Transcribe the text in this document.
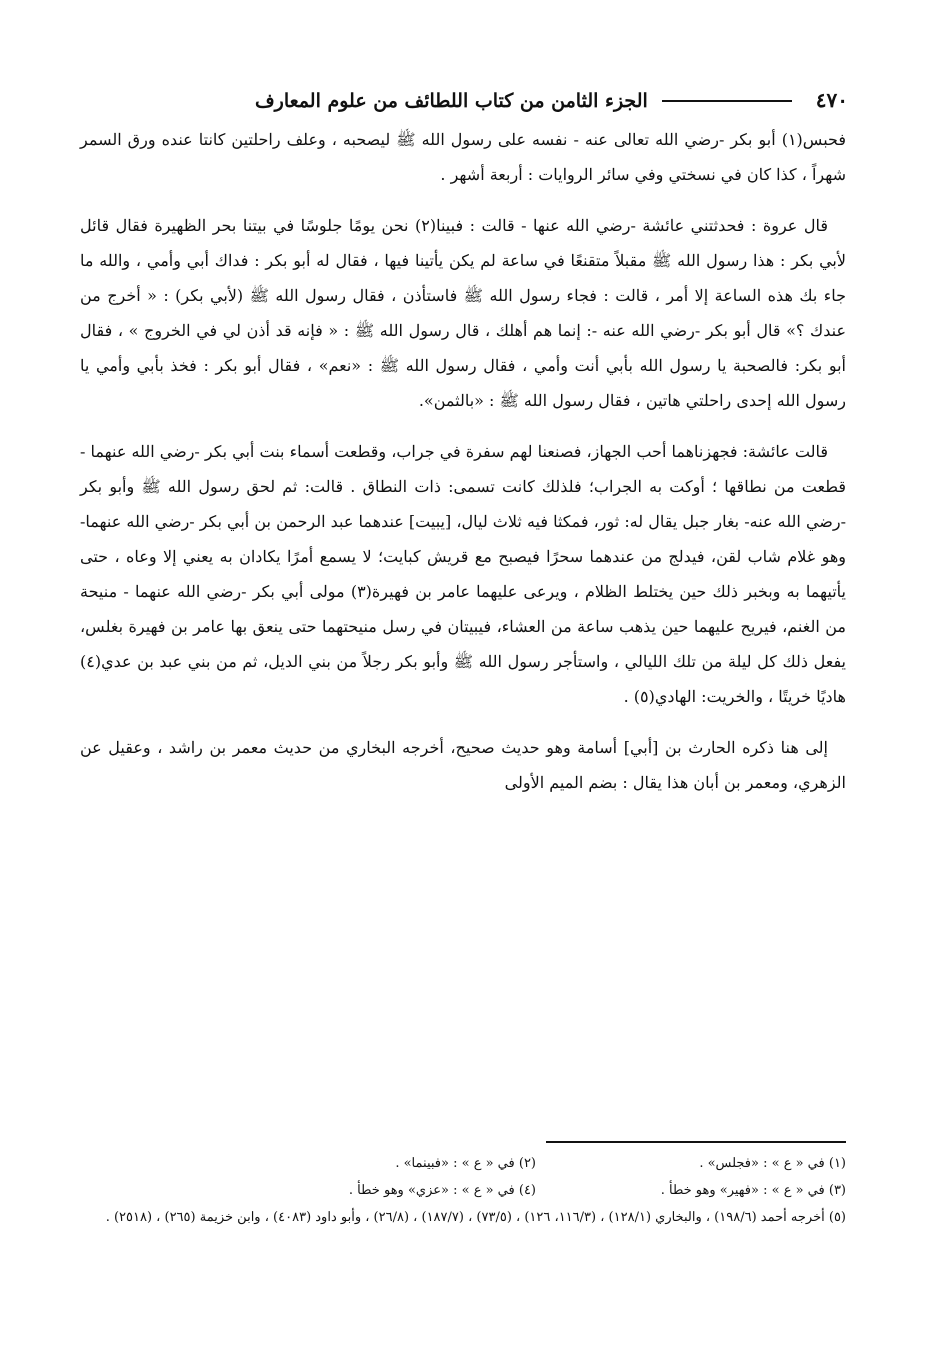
٤٧٠
الجزء الثامن من كتاب اللطائف من علوم المعارف

فحبس(١) أبو بكر -رضي الله تعالى عنه - نفسه على رسول الله ﷺ ليصحبه ، وعلف راحلتين كانتا عنده ورق السمر شهراً ، كذا كان في نسختي وفي سائر الروايات : أربعة أشهر .

قال عروة : فحدثتني عائشة -رضي الله عنها - قالت : فبينا(٢) نحن يومًا جلوسًا في بيتنا بحر الظهيرة فقال قائل لأبي بكر : هذا رسول الله ﷺ مقبلاً متقنعًا في ساعة لم يكن يأتينا فيها ، فقال له أبو بكر : فداك أبي وأمي ، والله ما جاء بك هذه الساعة إلا أمر ، قالت : فجاء رسول الله ﷺ فاستأذن ، فقال رسول الله ﷺ (لأبي بكر) : « أخرج من عندك ؟» قال أبو بكر -رضي الله عنه -: إنما هم أهلك ، قال رسول الله ﷺ : « فإنه قد أذن لي في الخروج » ، فقال أبو بكر: فالصحبة يا رسول الله بأبي أنت وأمي ، فقال رسول الله ﷺ : «نعم» ، فقال أبو بكر : فخذ بأبي وأمي يا رسول الله إحدى راحلتي هاتين ، فقال رسول الله ﷺ : «بالثمن».

قالت عائشة: فجهزناهما أحب الجهاز، فصنعنا لهم سفرة في جراب، وقطعت أسماء بنت أبي بكر -رضي الله عنهما - قطعت من نطاقها ؛ أوكت به الجراب؛ فلذلك كانت تسمى: ذات النطاق . قالت: ثم لحق رسول الله ﷺ وأبو بكر -رضي الله عنه- بغار جبل يقال له: ثور، فمكثا فيه ثلاث ليال، [يبيت] عندهما عبد الرحمن بن أبي بكر -رضي الله عنهما- وهو غلام شاب لقن، فيدلج من عندهما سحرًا فيصبح مع قريش كبايت؛ لا يسمع أمرًا يكادان به يعني إلا وعاه ، حتى يأتيهما به وبخبر ذلك حين يختلط الظلام ، ويرعى عليهما عامر بن فهيرة(٣) مولى أبي بكر -رضي الله عنهما - منيحة من الغنم، فيريح عليهما حين يذهب ساعة من العشاء، فيبيتان في رسل منيحتهما حتى ينعق بها عامر بن فهيرة بغلس، يفعل ذلك كل ليلة من تلك الليالي ، واستأجر رسول الله ﷺ وأبو بكر رجلاً من بني الديل، ثم من بني عبد بن عدي(٤) هاديًا خريتًا ، والخريت: الهادي(٥) .

إلى هنا ذكره الحارث بن [أبي] أسامة وهو حديث صحيح، أخرجه البخاري من حديث معمر بن راشد ، وعقيل عن الزهري، ومعمر بن أبان هذا يقال : بضم الميم الأولى

(١) في « ع » : «فجلس» .
(٢) في « ع » : «فبينما» .
(٣) في « ع » : «فهير» وهو خطأ .
(٤) في « ع » : «عزي» وهو خطأ .
(٥) أخرجه أحمد (١٩٨/٦) ، والبخاري (١٢٨/١) ، (١١٦/٣، ١٢٦) ، (٧٣/٥) ، (١٨٧/٧) ، (٢٦/٨) ، وأبو داود (٤٠٨٣) ، وابن خزيمة (٢٦٥) ، (٢٥١٨) .
